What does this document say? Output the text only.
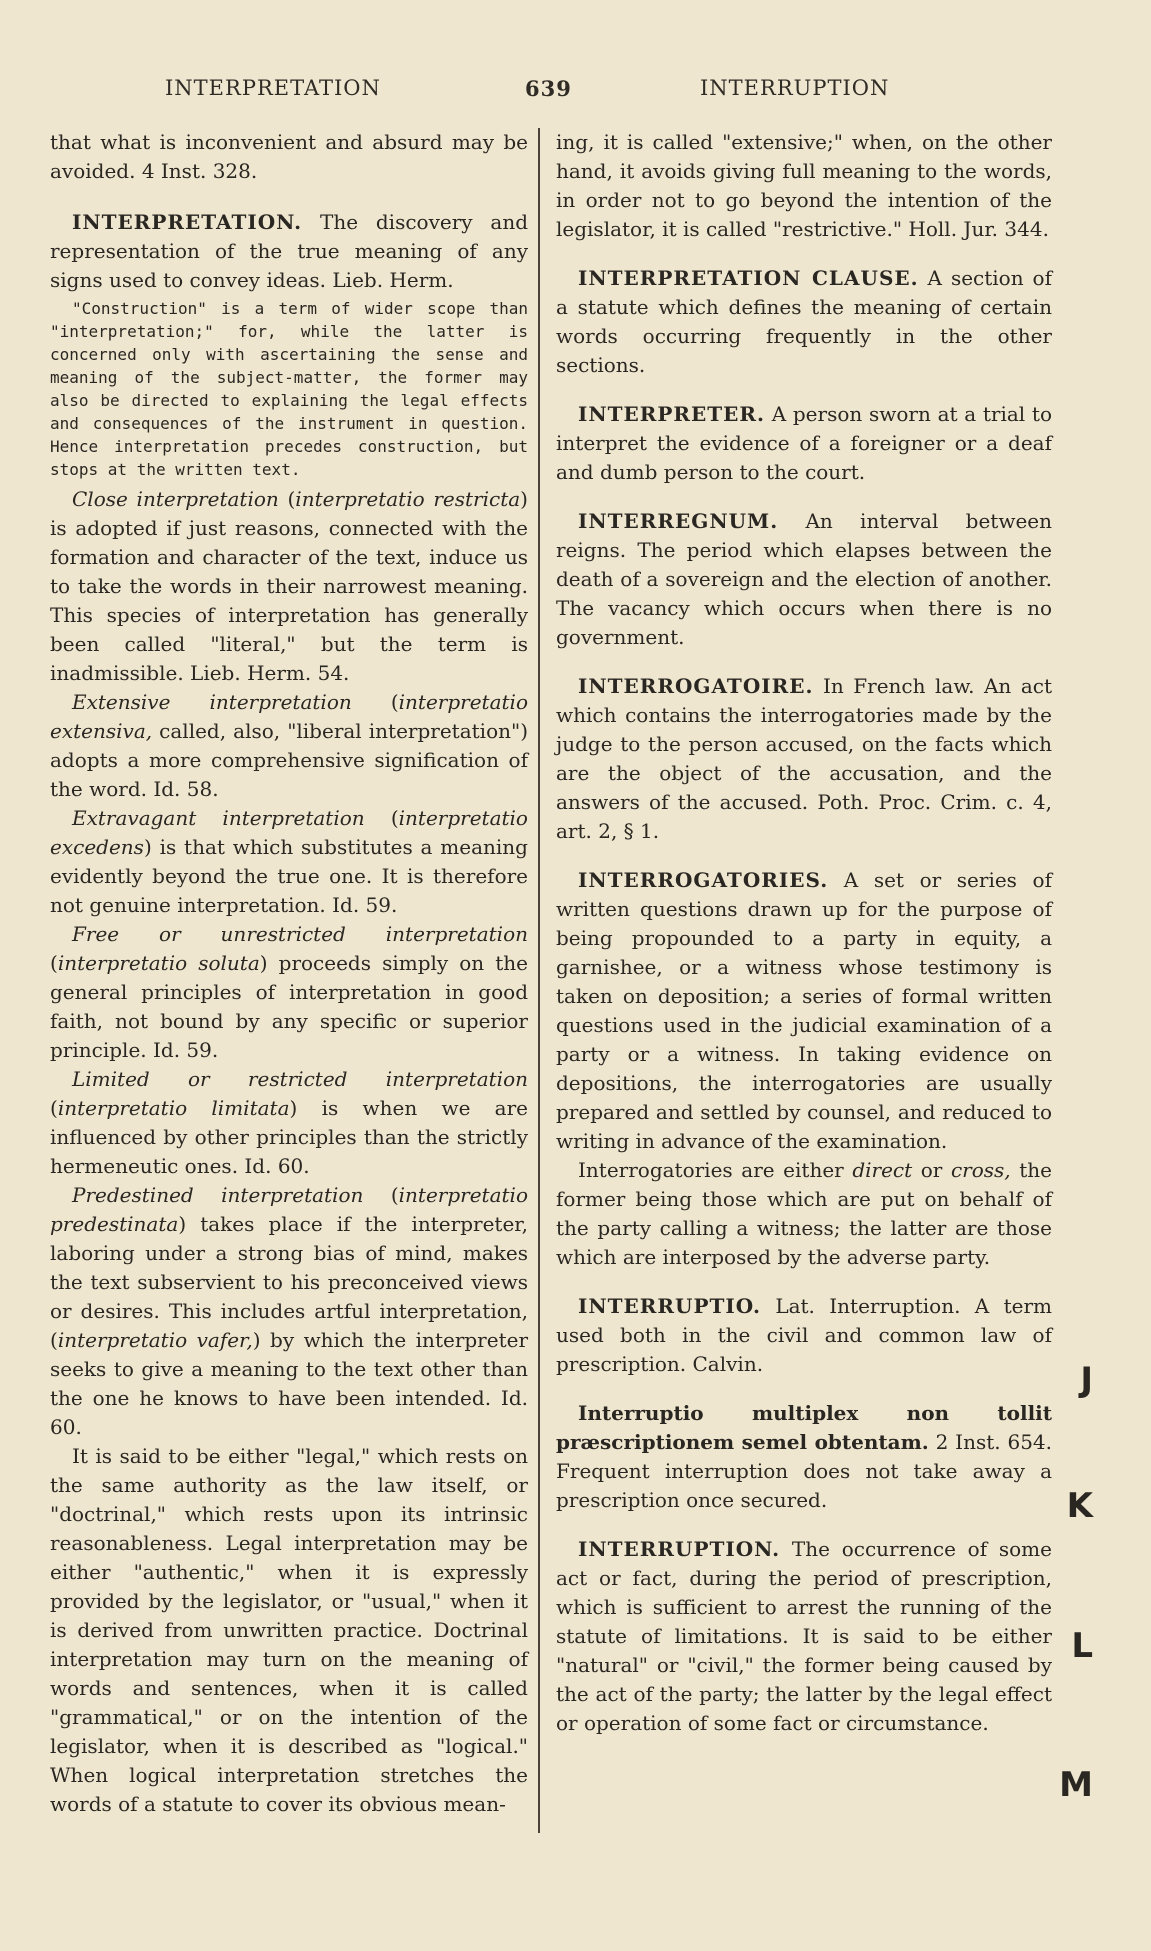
INTERPRETATION	639	INTERRUPTION

that what is inconvenient and absurd may be avoided. 4 Inst. 328.

INTERPRETATION. The discovery and representation of the true meaning of any signs used to convey ideas. Lieb. Herm.

"Construction" is a term of wider scope than "interpretation;" for, while the latter is concerned only with ascertaining the sense and meaning of the subject-matter, the former may also be directed to explaining the legal effects and consequences of the instrument in question. Hence interpretation precedes construction, but stops at the written text.

Close interpretation (interpretatio restricta) is adopted if just reasons, connected with the formation and character of the text, induce us to take the words in their narrowest meaning. This species of interpretation has generally been called "literal," but the term is inadmissible. Lieb. Herm. 54.

Extensive interpretation (interpretatio extensiva, called, also, "liberal interpretation") adopts a more comprehensive signification of the word. Id. 58.

Extravagant interpretation (interpretatio excedens) is that which substitutes a meaning evidently beyond the true one. It is therefore not genuine interpretation. Id. 59.

Free or unrestricted interpretation (interpretatio soluta) proceeds simply on the general principles of interpretation in good faith, not bound by any specific or superior principle. Id. 59.

Limited or restricted interpretation (interpretatio limitata) is when we are influenced by other principles than the strictly hermeneutic ones. Id. 60.

Predestined interpretation (interpretatio predestinata) takes place if the interpreter, laboring under a strong bias of mind, makes the text subservient to his preconceived views or desires. This includes artful interpretation, (interpretatio vafer,) by which the interpreter seeks to give a meaning to the text other than the one he knows to have been intended. Id. 60.

It is said to be either "legal," which rests on the same authority as the law itself, or "doctrinal," which rests upon its intrinsic reasonableness. Legal interpretation may be either "authentic," when it is expressly provided by the legislator, or "usual," when it is derived from unwritten practice. Doctrinal interpretation may turn on the meaning of words and sentences, when it is called "grammatical," or on the intention of the legislator, when it is described as "logical." When logical interpretation stretches the words of a statute to cover its obvious mean-

ing, it is called "extensive;" when, on the other hand, it avoids giving full meaning to the words, in order not to go beyond the intention of the legislator, it is called "restrictive." Holl. Jur. 344.

INTERPRETATION CLAUSE. A section of a statute which defines the meaning of certain words occurring frequently in the other sections.

INTERPRETER. A person sworn at a trial to interpret the evidence of a foreigner or a deaf and dumb person to the court.

INTERREGNUM. An interval between reigns. The period which elapses between the death of a sovereign and the election of another. The vacancy which occurs when there is no government.

INTERROGATOIRE. In French law. An act which contains the interrogatories made by the judge to the person accused, on the facts which are the object of the accusation, and the answers of the accused. Poth. Proc. Crim. c. 4, art. 2, § 1.

INTERROGATORIES. A set or series of written questions drawn up for the purpose of being propounded to a party in equity, a garnishee, or a witness whose testimony is taken on deposition; a series of formal written questions used in the judicial examination of a party or a witness. In taking evidence on depositions, the interrogatories are usually prepared and settled by counsel, and reduced to writing in advance of the examination.

Interrogatories are either direct or cross, the former being those which are put on behalf of the party calling a witness; the latter are those which are interposed by the adverse party.

INTERRUPTIO. Lat. Interruption. A term used both in the civil and common law of prescription. Calvin.

Interruptio multiplex non tollit præscriptionem semel obtentam. 2 Inst. 654. Frequent interruption does not take away a prescription once secured.

INTERRUPTION. The occurrence of some act or fact, during the period of prescription, which is sufficient to arrest the running of the statute of limitations. It is said to be either "natural" or "civil," the former being caused by the act of the party; the latter by the legal effect or operation of some fact or circumstance.

J
K
L
M
